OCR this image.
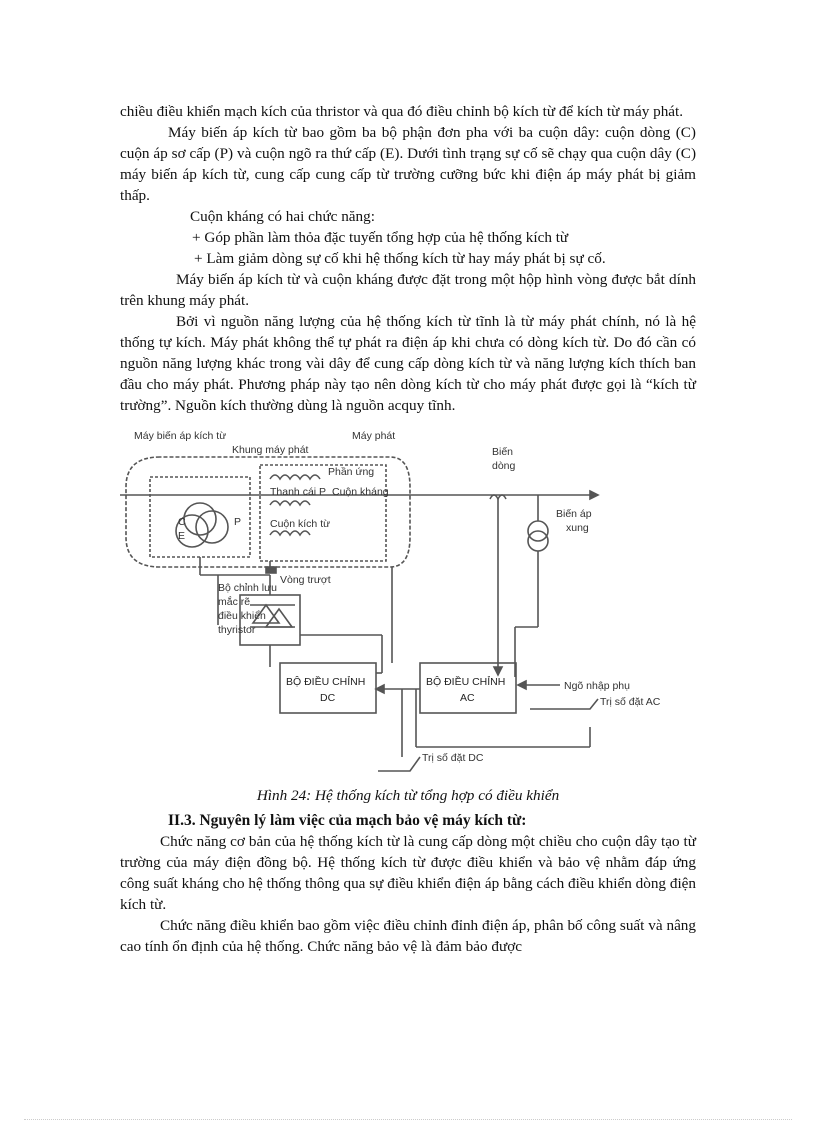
chiều điều khiển mạch kích của thristor và qua đó điều chỉnh bộ kích từ để kích từ máy phát.

Máy biến áp kích từ bao gồm ba bộ phận đơn pha với ba cuộn dây: cuộn dòng (C) cuộn áp sơ cấp (P) và cuộn ngõ ra thứ cấp (E). Dưới tình trạng sự cố sẽ chạy qua cuộn dây (C) máy biến áp kích từ, cung cấp cung cấp từ trường cưỡng bức khi điện áp máy phát bị giảm thấp.

Cuộn kháng có hai chức năng:

+ Góp phần làm thỏa đặc tuyến tổng hợp của hệ thống kích từ

+ Làm giảm dòng sự cố khi hệ thống kích từ hay máy phát bị sự cố.

Máy biến áp kích từ và cuộn kháng được đặt trong một hộp hình vòng được bắt dính trên khung máy phát.

Bởi vì nguồn năng lượng của hệ thống kích từ tĩnh là từ máy phát chính, nó là hệ thống tự kích. Máy phát không thể tự phát ra điện áp khi chưa có dòng kích từ. Do đó cần có nguồn năng lượng khác trong vài dây để cung cấp dòng kích từ và năng lượng kích thích ban đầu cho máy phát. Phương pháp này tạo nên dòng kích từ cho máy phát được gọi là “kích từ trường”. Nguồn kích thường dùng là nguồn acquy tĩnh.

Máy biến áp kích từ
Khung máy phát
Máy phát
Phần ứng
Thanh cái P Cuộn kháng
Cuộn kích từ
Biến
dòng
Biến áp
xung
C
E
P
Bộ chỉnh lưu
mắc rẽ
điều khiển
thyristor
Vòng trượt
BỘ ĐIỀU CHỈNH
DC
BỘ ĐIỀU CHỈNH
AC
Ngõ nhập phụ
Trị số đặt AC
Trị số đặt DC

Hình 24: Hệ thống kích từ tổng hợp có điều khiển

II.3. Nguyên lý làm việc của mạch bảo vệ máy kích từ:

Chức năng cơ bản của hệ thống kích từ là cung cấp dòng một chiều cho cuộn dây tạo từ trường của máy điện đồng bộ. Hệ thống kích từ được điều khiển và bảo vệ nhằm đáp ứng công suất kháng cho hệ thống thông qua sự điều khiển điện áp bằng cách điều khiển dòng điện kích từ.

Chức năng điều khiển bao gồm việc điều chỉnh đỉnh điện áp, phân bố công suất và nâng cao tính ổn định của hệ thống. Chức năng bảo vệ là đảm bảo được
